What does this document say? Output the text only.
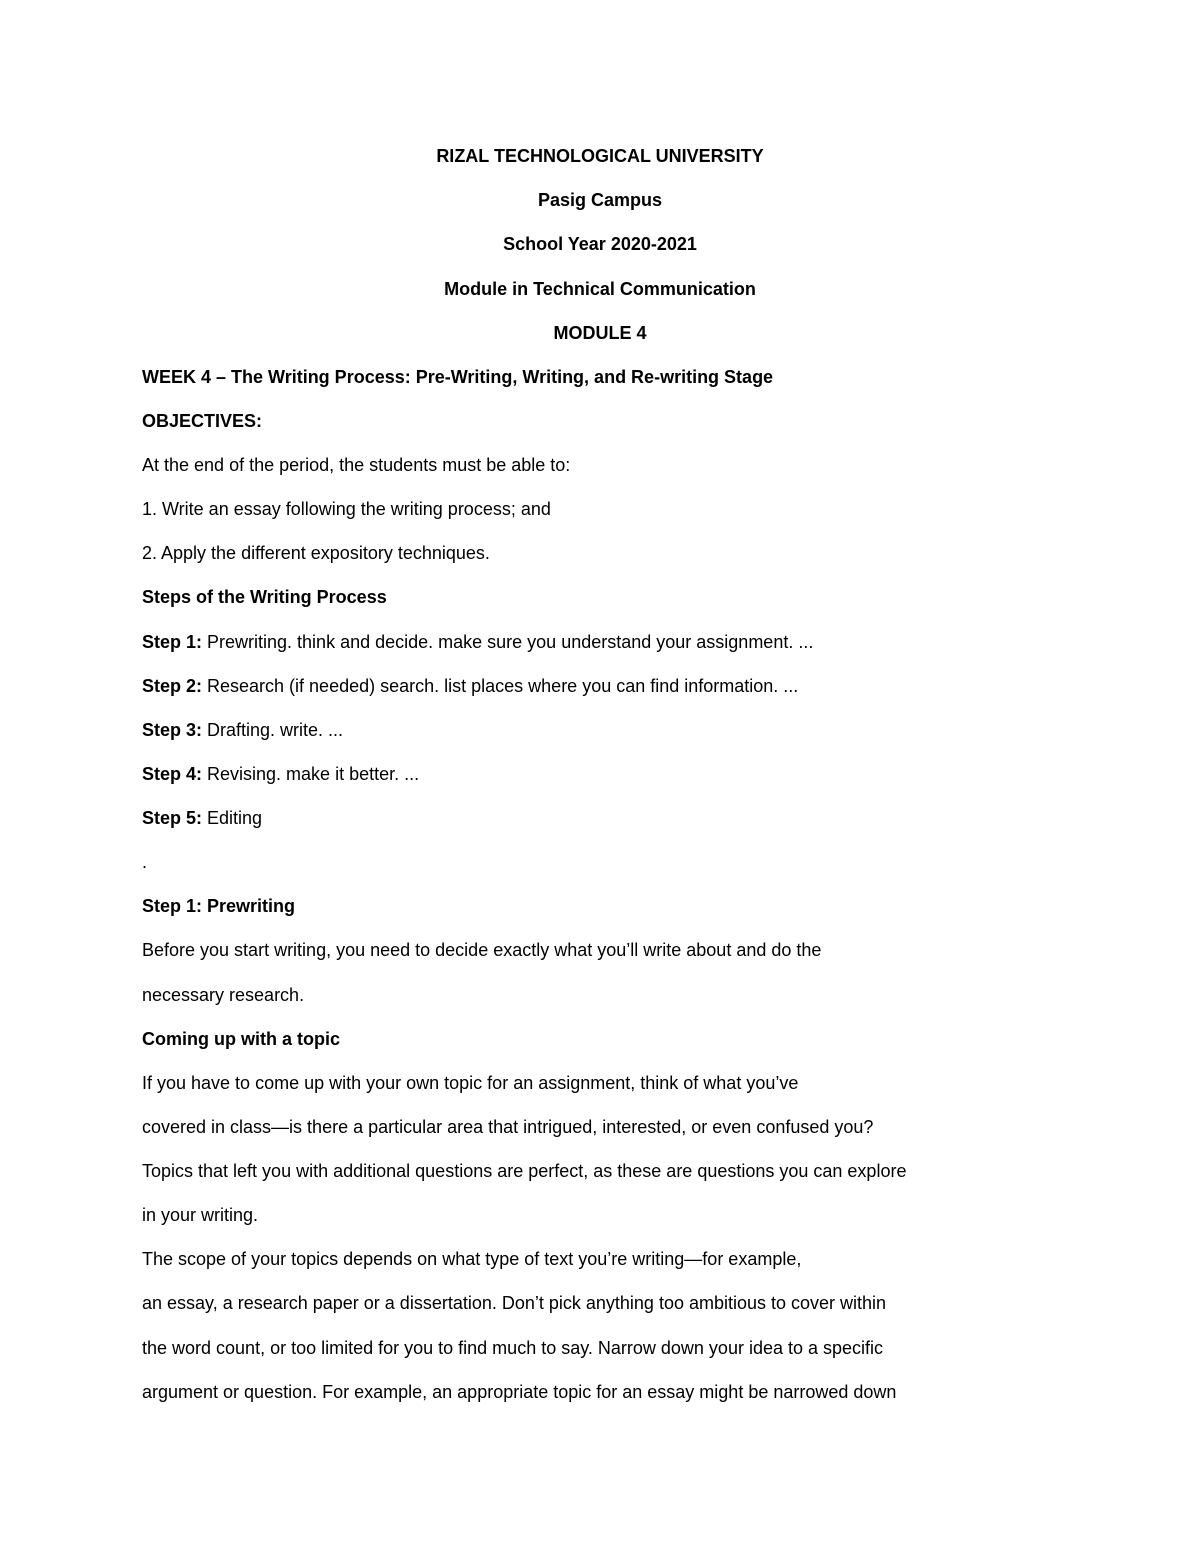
RIZAL TECHNOLOGICAL UNIVERSITY
Pasig Campus
School Year 2020-2021
Module in Technical Communication
MODULE 4
WEEK 4 – The Writing Process: Pre-Writing, Writing, and Re-writing Stage
OBJECTIVES:
At the end of the period, the students must be able to:
1. Write an essay following the writing process; and
2. Apply the different expository techniques.
Steps of the Writing Process
Step 1: Prewriting. think and decide. make sure you understand your assignment. ...
Step 2: Research (if needed) search. list places where you can find information. ...
Step 3: Drafting. write. ...
Step 4: Revising. make it better. ...
Step 5: Editing
.
Step 1: Prewriting
Before you start writing, you need to decide exactly what you’ll write about and do the
necessary research.
Coming up with a topic
If you have to come up with your own topic for an assignment, think of what you’ve
covered in class—is there a particular area that intrigued, interested, or even confused you?
Topics that left you with additional questions are perfect, as these are questions you can explore
in your writing.
The scope of your topics depends on what type of text you’re writing—for example,
an essay, a research paper or a dissertation. Don’t pick anything too ambitious to cover within
the word count, or too limited for you to find much to say. Narrow down your idea to a specific
argument or question. For example, an appropriate topic for an essay might be narrowed down
